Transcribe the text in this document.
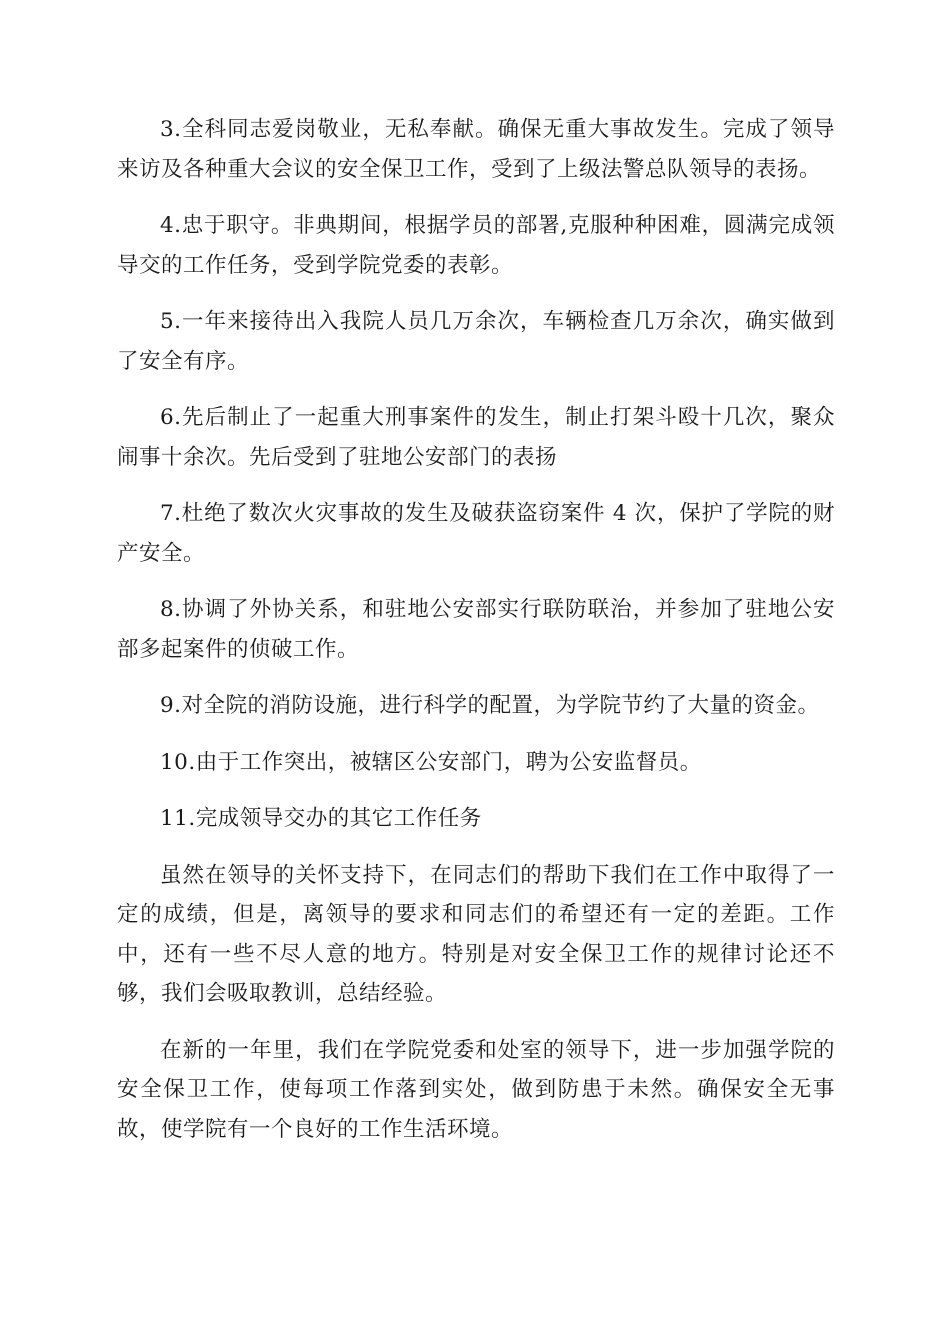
3.全科同志爱岗敬业，无私奉献。确保无重大事故发生。完成了领导来访及各种重大会议的安全保卫工作，受到了上级法警总队领导的表扬。

4.忠于职守。非典期间，根据学员的部署,克服种种困难，圆满完成领导交的工作任务，受到学院党委的表彰。

5.一年来接待出入我院人员几万余次，车辆检查几万余次，确实做到了安全有序。

6.先后制止了一起重大刑事案件的发生，制止打架斗殴十几次，聚众闹事十余次。先后受到了驻地公安部门的表扬

7.杜绝了数次火灾事故的发生及破获盗窃案件 4 次，保护了学院的财产安全。

8.协调了外协关系，和驻地公安部实行联防联治，并参加了驻地公安部多起案件的侦破工作。

9.对全院的消防设施，进行科学的配置，为学院节约了大量的资金。

10.由于工作突出，被辖区公安部门，聘为公安监督员。

11.完成领导交办的其它工作任务

虽然在领导的关怀支持下，在同志们的帮助下我们在工作中取得了一定的成绩，但是，离领导的要求和同志们的希望还有一定的差距。工作中，还有一些不尽人意的地方。特别是对安全保卫工作的规律讨论还不够，我们会吸取教训，总结经验。

在新的一年里，我们在学院党委和处室的领导下，进一步加强学院的安全保卫工作，使每项工作落到实处，做到防患于未然。确保安全无事故，使学院有一个良好的工作生活环境。
